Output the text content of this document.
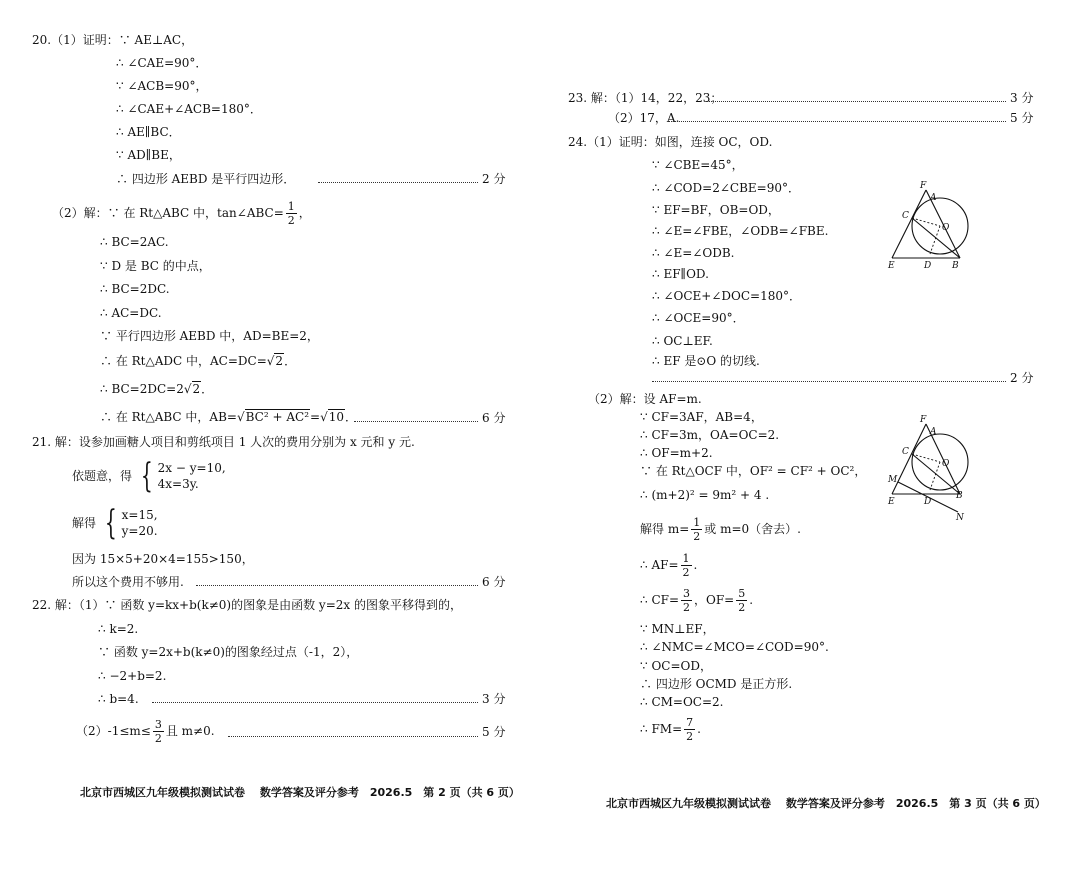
20.（1）证明：∵ AE⊥AC，
∴ ∠CAE=90°．
∵ ∠ACB=90°，
∴ ∠CAE+∠ACB=180°．
∴ AE∥BC．
∵ AD∥BE，
∴ 四边形 AEBD 是平行四边形．	2 分
（2）解：∵ 在 Rt△ABC 中，tan∠ABC= $\frac{1}{2}$ ，
∴ BC=2AC.
∵ D 是 BC 的中点，
∴ BC=2DC.
∴ AC=DC.
∵ 平行四边形 AEBD 中，AD=BE=2，
∴ 在 Rt△ADC 中，AC=DC= √2 ．
∴ BC=2DC=2 √2 ．
∴ 在 Rt△ABC 中，AB= √BC² + AC² = √10 ．	6 分
21. 解：设参加画糖人项目和剪纸项目 1 人次的费用分别为 x 元和 y 元.
依题意，得 { 2x − y=10,
4x=3y.
解得 { x=15,
y=20.
因为 15×5+20×4=155>150，
所以这个费用不够用.	6 分
22. 解：（1）∵ 函数 y=kx+b(k≠0)的图象是由函数 y=2x 的图象平移得到的，
∴ k=2.
∵ 函数 y=2x+b(k≠0)的图象经过点（-1，2），
∴ −2+b=2.
∴ b=4.	3 分
$(2)-1\le m\le \frac{3}{2}$ 且 m≠0.	5 分
北京市西城区九年级模拟测试试卷　 数学答案及评分参考　2026.5　第 2 页（共 6 页）
23. 解：（1）14，22，23；	3 分
（2）17，A.	5 分
24.（1）证明：如图，连接 OC，OD.
∵ ∠CBE=45°，
∴ ∠COD=2∠CBE=90°．
∵ EF=BF，OB=OD，
∴ ∠E=∠FBE，∠ODB=∠FBE.
∴ ∠E=∠ODB.
∴ EF∥OD.
∴ ∠OCE+∠DOC=180°．
∴ ∠OCE=90°．
∴ OC⊥EF.
∴ EF 是⊙O 的切线.
2 分
F
A
C
O
E	D B
（2）解：设 AF=m.
∵ CF=3AF，AB=4，
∴ CF=3m，OA=OC=2.
∴ OF=m+2.
∵ 在 Rt△OCF 中，OF² = CF² + OC²，
∴ (m+2)² = 9m² + 4 .
解得 $m= \frac{1}{2}$ 或 m=0（舍去）.
∴ $AF= \frac{1}{2}$ .
∴ $CF= \frac{3}{2}$ ，$OF= \frac{5}{2}$ .
∵ MN⊥EF，
∴ ∠NMC=∠MCO=∠COD=90°.
∵ OC=OD，
∴ 四边形 OCMD 是正方形.
∴ CM=OC=2.
∴ $FM= \frac{7}{2}$ .
F
A
C
O
M
E	D
B
N
北京市西城区九年级模拟测试试卷　 数学答案及评分参考　2026.5　第 3 页（共 6 页）
